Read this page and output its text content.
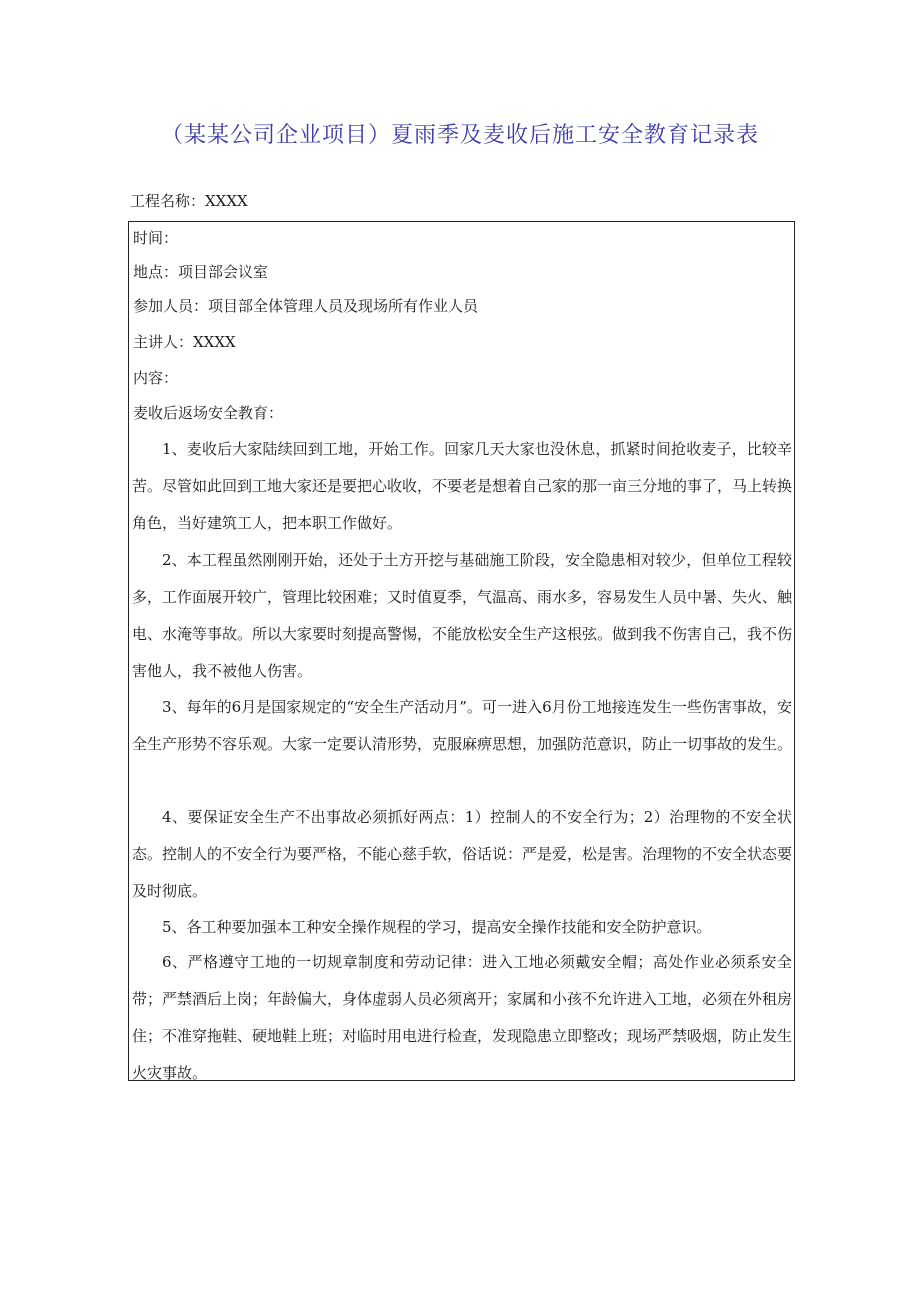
（某某公司企业项目）夏雨季及麦收后施工安全教育记录表
工程名称：XXXX
时间：
地点：项目部会议室
参加人员：项目部全体管理人员及现场所有作业人员
主讲人：XXXX
内容：
麦收后返场安全教育：

1、麦收后大家陆续回到工地，开始工作。回家几天大家也没休息，抓紧时间抢收麦子，比较辛苦。尽管如此回到工地大家还是要把心收收，不要老是想着自己家的那一亩三分地的事了，马上转换角色，当好建筑工人，把本职工作做好。

2、本工程虽然刚刚开始，还处于土方开挖与基础施工阶段，安全隐患相对较少，但单位工程较多，工作面展开较广，管理比较困难；又时值夏季，气温高、雨水多，容易发生人员中暑、失火、触电、水淹等事故。所以大家要时刻提高警惕，不能放松安全生产这根弦。做到我不伤害自己，我不伤害他人，我不被他人伤害。

3、每年的6月是国家规定的“安全生产活动月”。可一进入6月份工地接连发生一些伤害事故，安全生产形势不容乐观。大家一定要认清形势，克服麻痹思想，加强防范意识，防止一切事故的发生。

4、要保证安全生产不出事故必须抓好两点：1）控制人的不安全行为；2）治理物的不安全状态。控制人的不安全行为要严格，不能心慈手软，俗话说：严是爱，松是害。治理物的不安全状态要及时彻底。

5、各工种要加强本工种安全操作规程的学习，提高安全操作技能和安全防护意识。

6、严格遵守工地的一切规章制度和劳动记律：进入工地必须戴安全帽；高处作业必须系安全带；严禁酒后上岗；年龄偏大，身体虚弱人员必须离开；家属和小孩不允许进入工地，必须在外租房住；不准穿拖鞋、硬地鞋上班；对临时用电进行检查，发现隐患立即整改；现场严禁吸烟，防止发生火灾事故。
